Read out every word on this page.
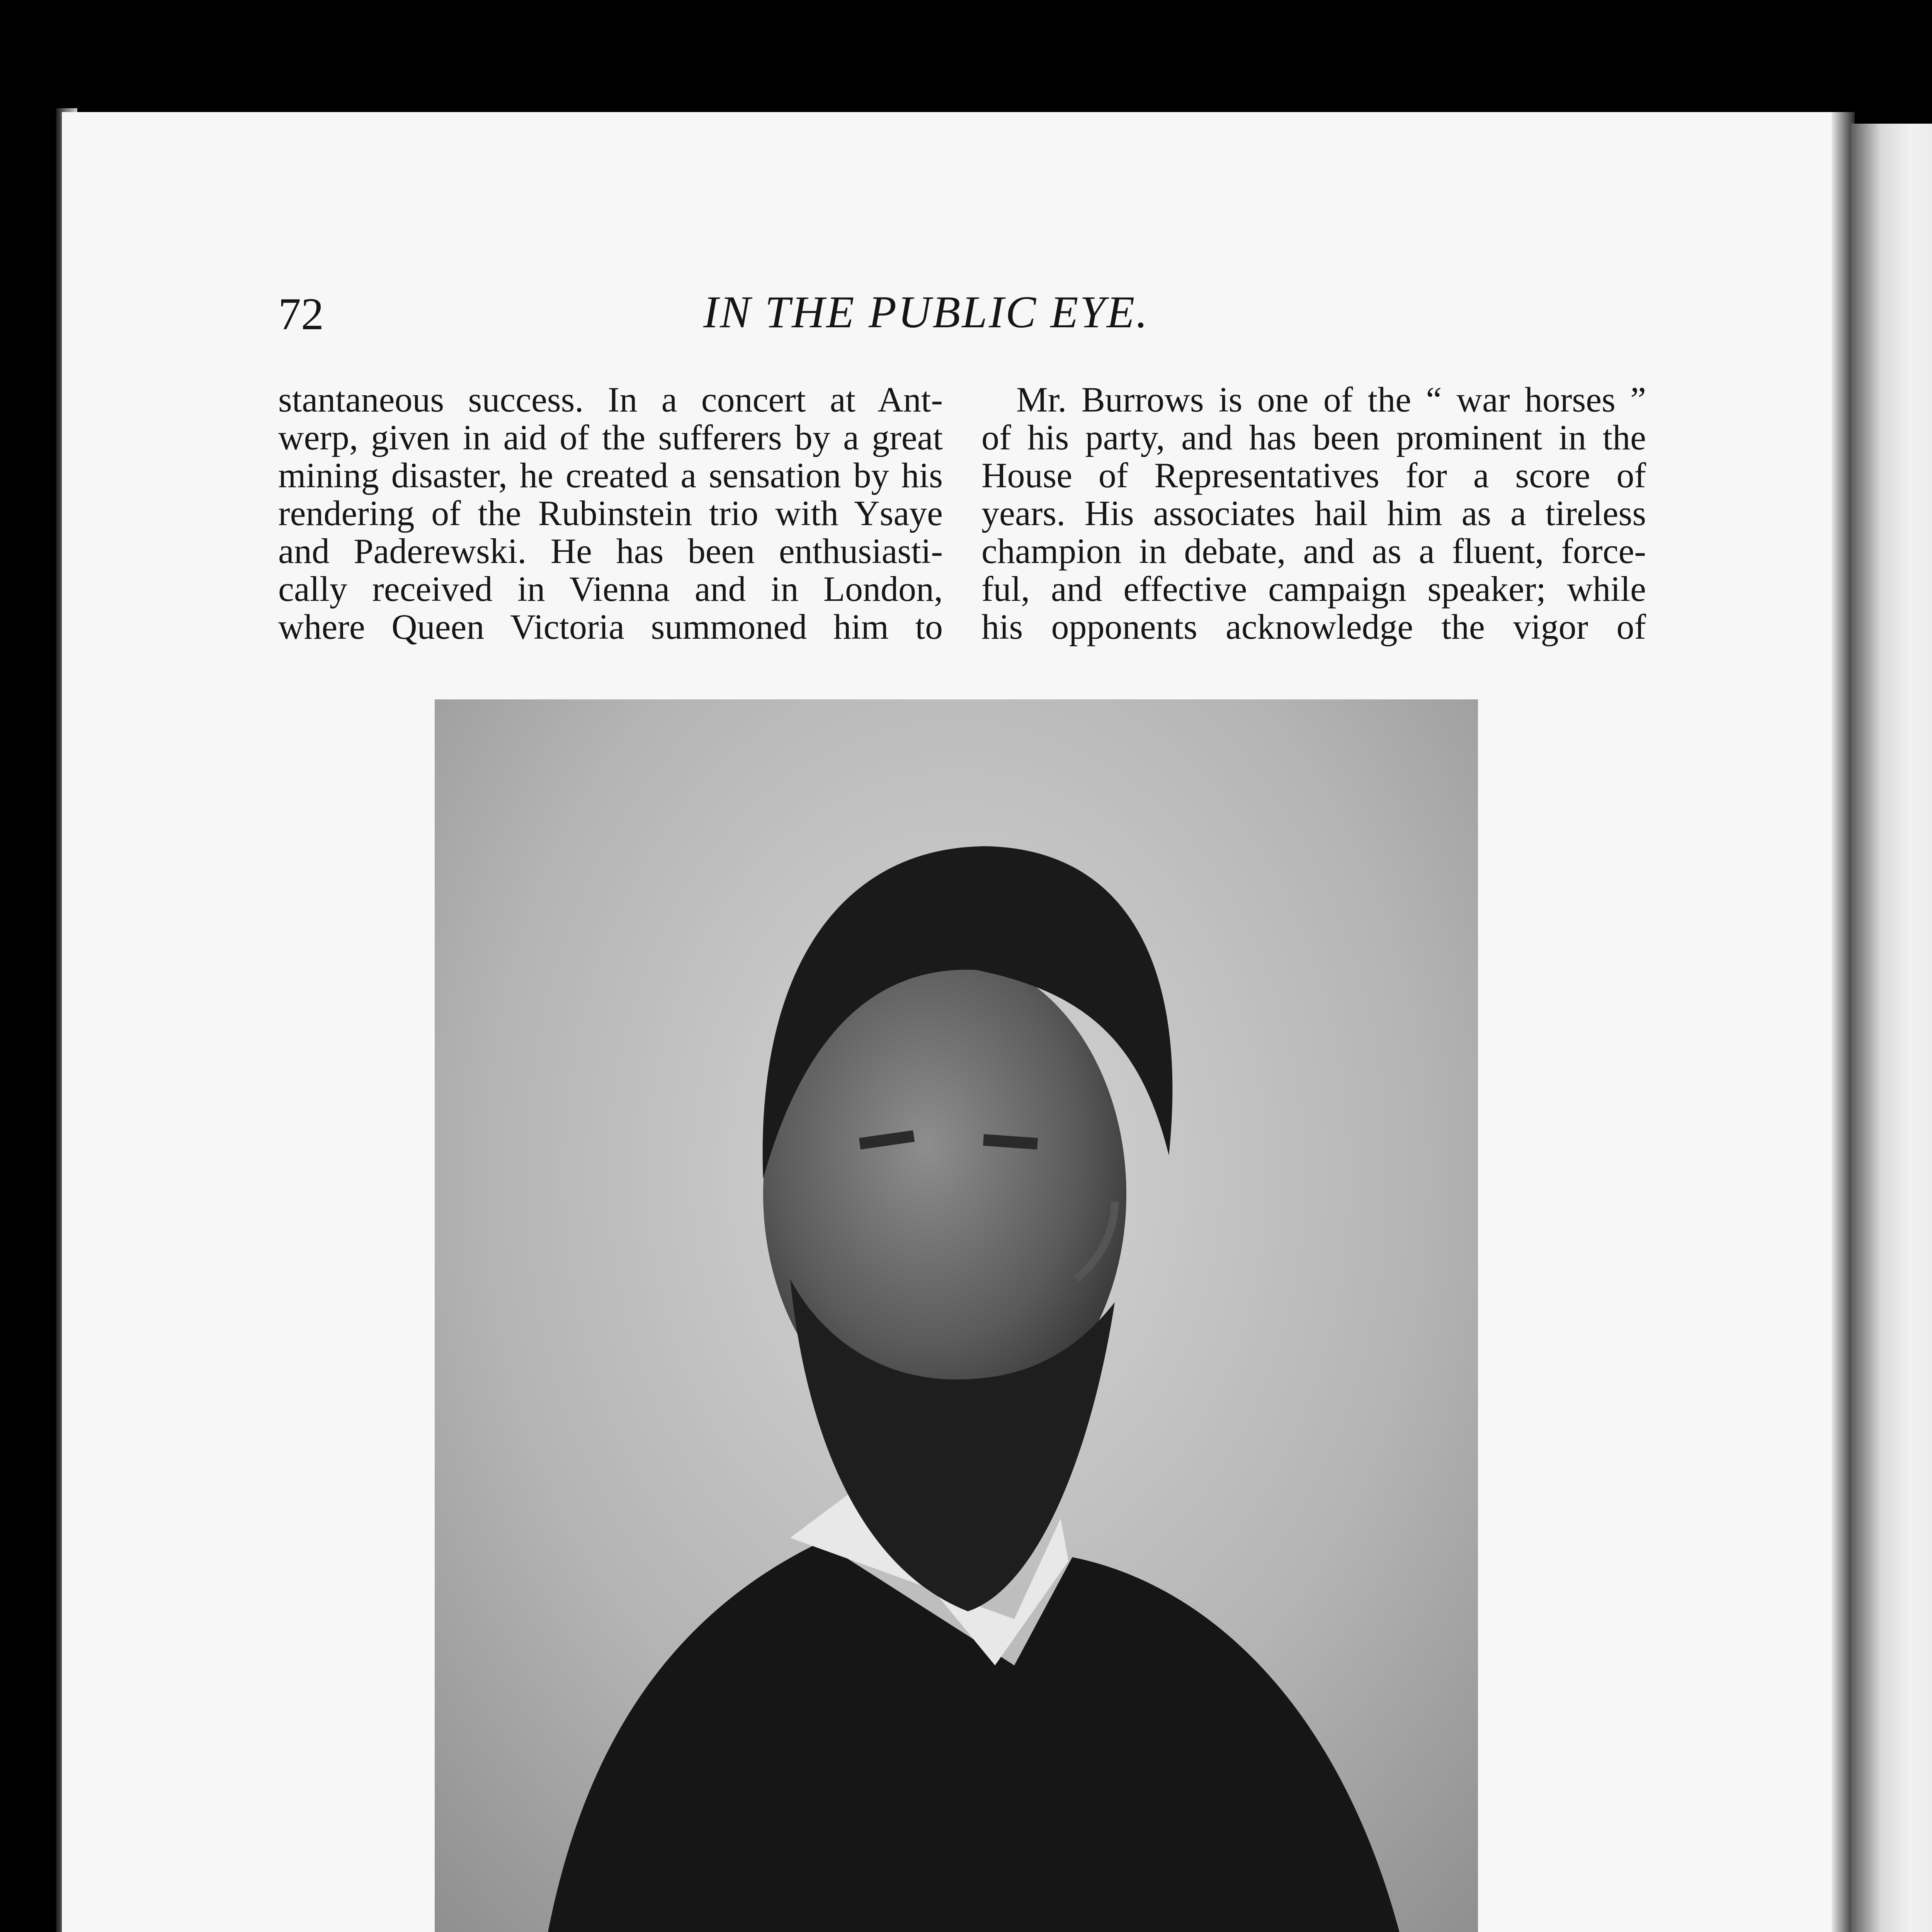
72	IN THE PUBLIC EYE.
stantaneous success. In a concert at Ant-
werp, given in aid of the sufferers by a great
mining disaster, he created a sensation by his
rendering of the Rubinstein trio with Ysaye
and Paderewski. He has been enthusiasti-
cally received in Vienna and in London,
where Queen Victoria summoned him to
Mr. Burrows is one of the “ war horses ”
of his party, and has been prominent in the
House of Representatives for a score of
years. His associates hail him as a tireless
champion in debate, and as a fluent, force-
ful, and effective campaign speaker; while
his opponents acknowledge the vigor of
